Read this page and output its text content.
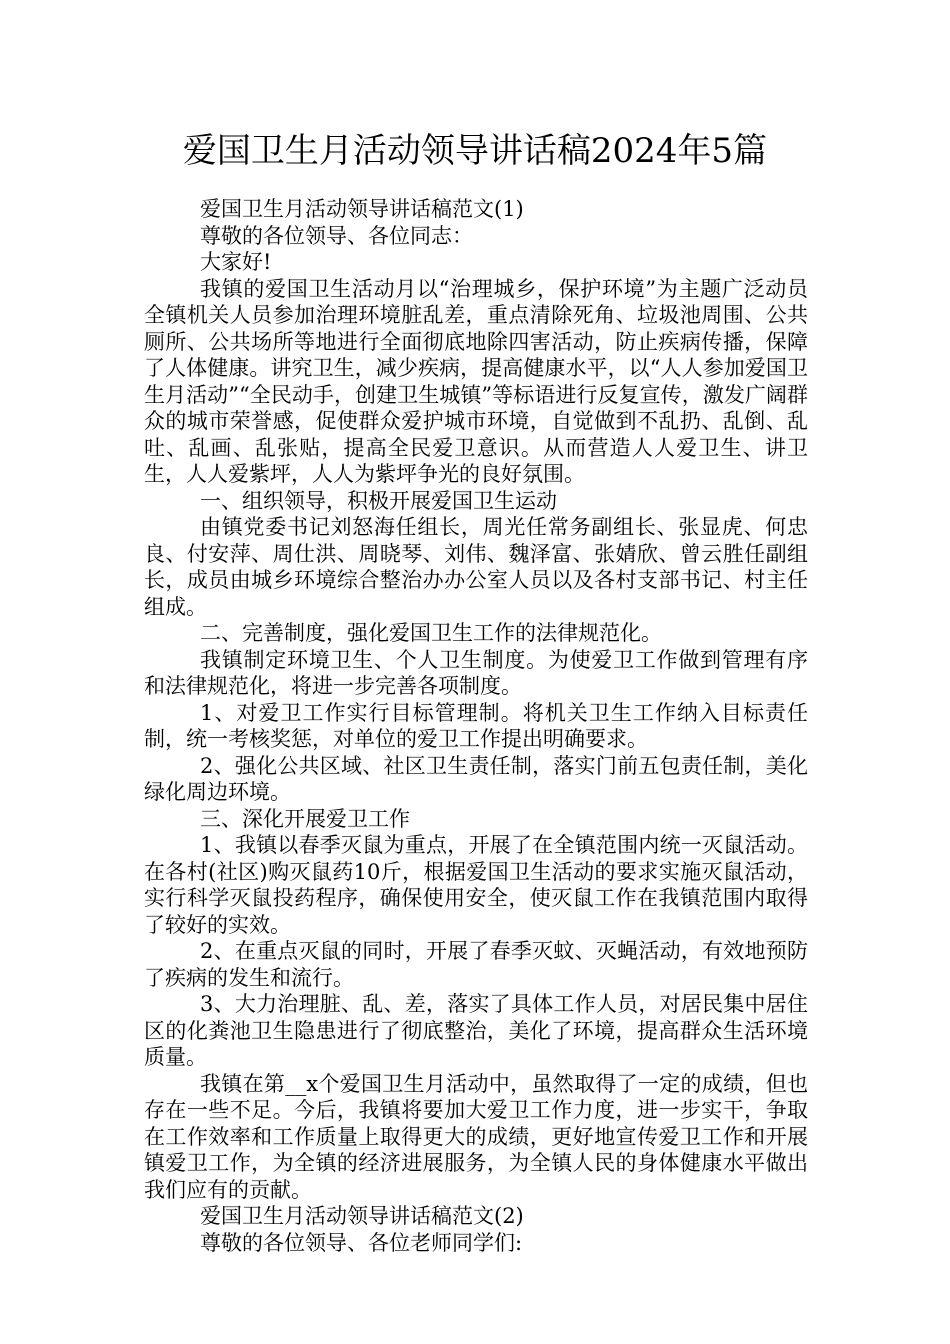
爱国卫生月活动领导讲话稿2024年5篇

爱国卫生月活动领导讲话稿范文(1)

尊敬的各位领导、各位同志：

大家好!

我镇的爱国卫生活动月以“治理城乡，保护环境”为主题广泛动员全镇机关人员参加治理环境脏乱差，重点清除死角、垃圾池周围、公共厕所、公共场所等地进行全面彻底地除四害活动，防止疾病传播，保障了人体健康。讲究卫生，减少疾病，提高健康水平，以“人人参加爱国卫生月活动”“全民动手，创建卫生城镇”等标语进行反复宣传，激发广阔群众的城市荣誉感，促使群众爱护城市环境，自觉做到不乱扔、乱倒、乱吐、乱画、乱张贴，提高全民爱卫意识。从而营造人人爱卫生、讲卫生，人人爱紫坪，人人为紫坪争光的良好氛围。

一、组织领导，积极开展爱国卫生运动

由镇党委书记刘怒海任组长，周光任常务副组长、张显虎、何忠良、付安萍、周仕洪、周晓琴、刘伟、魏泽富、张婧欣、曾云胜任副组长，成员由城乡环境综合整治办办公室人员以及各村支部书记、村主任组成。

二、完善制度，强化爱国卫生工作的法律规范化。

我镇制定环境卫生、个人卫生制度。为使爱卫工作做到管理有序和法律规范化，将进一步完善各项制度。

1、对爱卫工作实行目标管理制。将机关卫生工作纳入目标责任制，统一考核奖惩，对单位的爱卫工作提出明确要求。

2、强化公共区域、社区卫生责任制，落实门前五包责任制，美化绿化周边环境。

三、深化开展爱卫工作

1、我镇以春季灭鼠为重点，开展了在全镇范围内统一灭鼠活动。在各村(社区)购灭鼠药10斤，根据爱国卫生活动的要求实施灭鼠活动，实行科学灭鼠投药程序，确保使用安全，使灭鼠工作在我镇范围内取得了较好的实效。

2、在重点灭鼠的同时，开展了春季灭蚊、灭蝇活动，有效地预防了疾病的发生和流行。

3、大力治理脏、乱、差，落实了具体工作人员，对居民集中居住区的化粪池卫生隐患进行了彻底整治，美化了环境，提高群众生活环境质量。

我镇在第__x个爱国卫生月活动中，虽然取得了一定的成绩，但也存在一些不足。今后，我镇将要加大爱卫工作力度，进一步实干，争取在工作效率和工作质量上取得更大的成绩，更好地宣传爱卫工作和开展镇爱卫工作，为全镇的经济进展服务，为全镇人民的身体健康水平做出我们应有的贡献。

爱国卫生月活动领导讲话稿范文(2)

尊敬的各位领导、各位老师同学们:
